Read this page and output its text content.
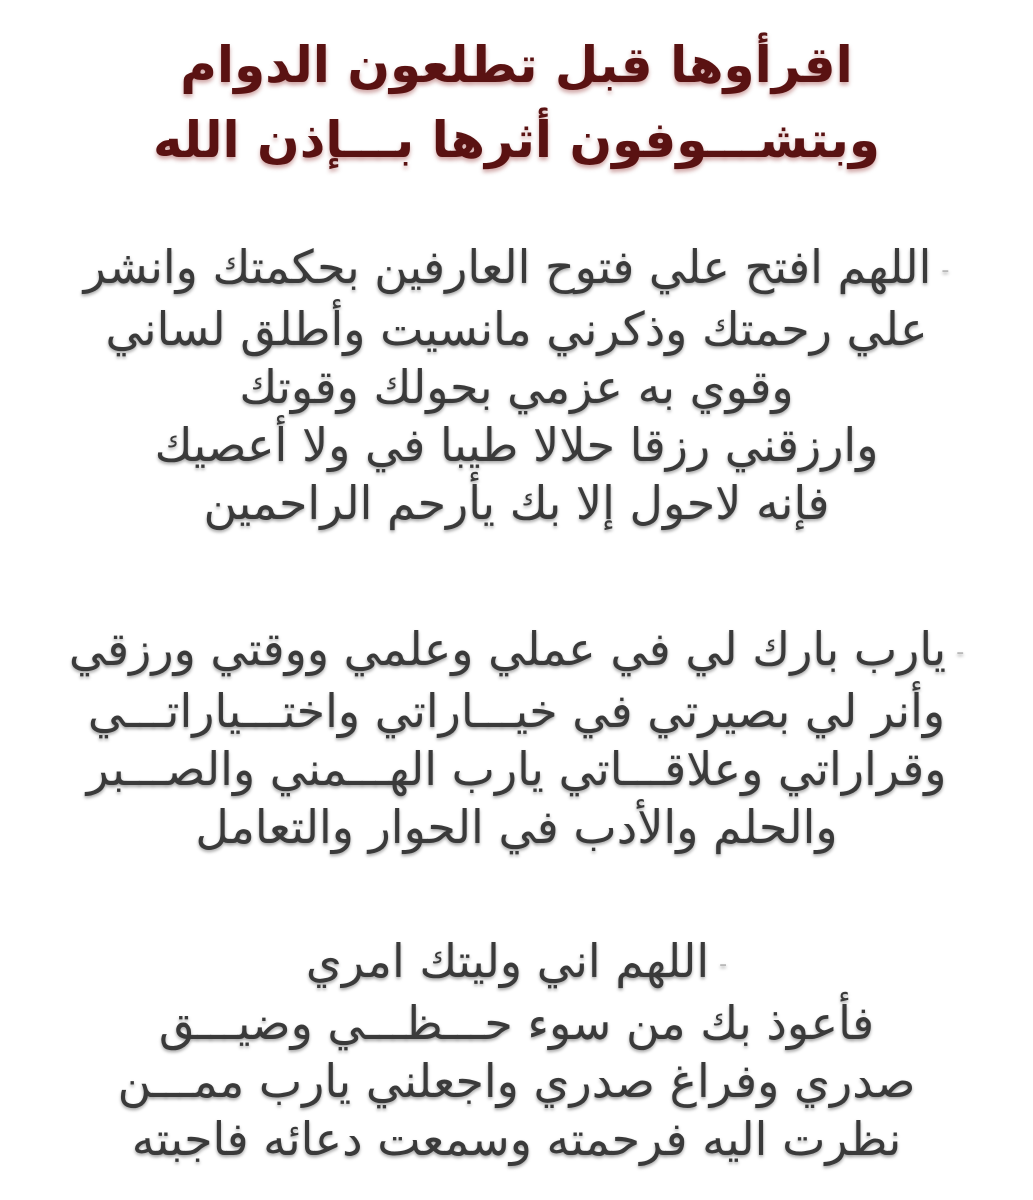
اقرأوها قبل تطلعون الدوام
وبتشـــوفون أثرها بـــإذن الله
-اللهم افتح علي فتوح العارفين بحكمتك وانشر
علي رحمتك وذكرني مانسيت وأطلق لساني
وقوي به عزمي بحولك وقوتك
وارزقني رزقا حلالا طيبا في ولا أعصيك
فإنه لاحول إلا بك يأرحم الراحمين
-يارب بارك لي في عملي وعلمي ووقتي ورزقي
وأنر لي بصيرتي في خيـــاراتي واختـــياراتـــي
وقراراتي وعلاقـــاتي يارب الهـــمني والصـــبر
والحلم والأدب في الحوار والتعامل
-اللهم اني وليتك امري
فأعوذ بك من سوء حـــظـــي وضيـــق
صدري وفراغ صدري واجعلني يارب ممـــن
نظرت اليه فرحمته وسمعت دعائه فاجبته
